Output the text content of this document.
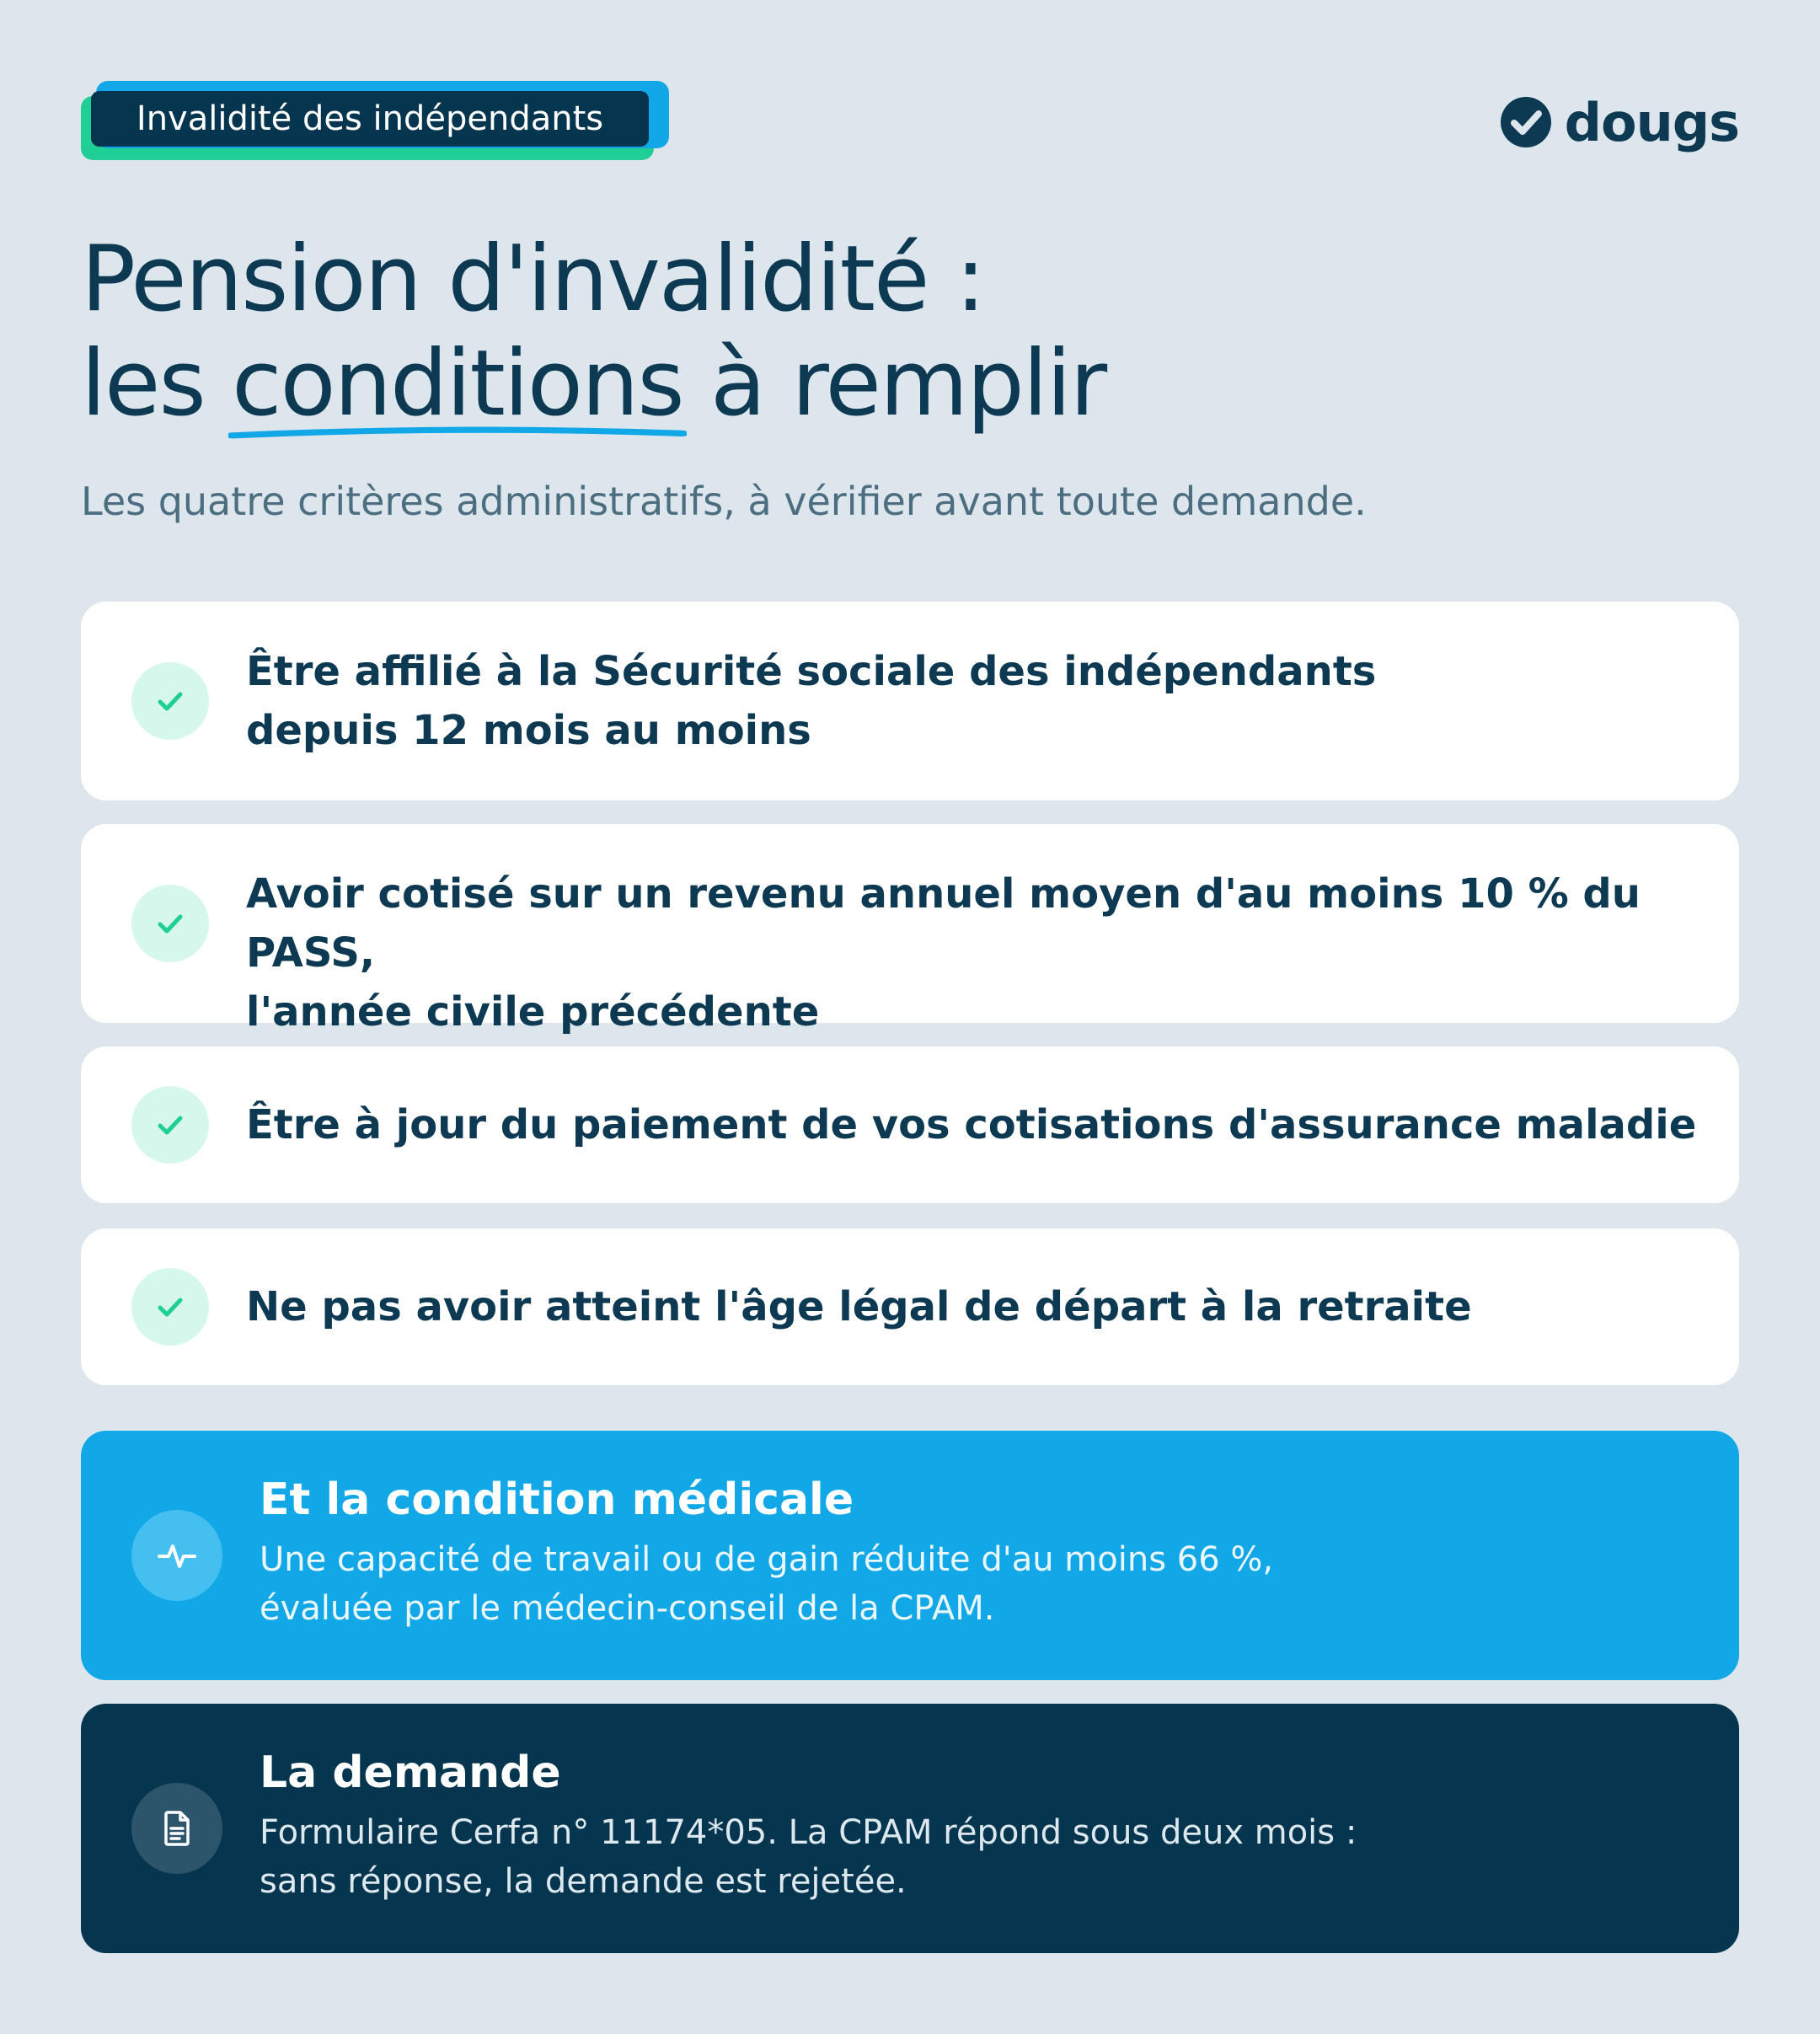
Invalidité des indépendants	dougs
Pension d'invalidité :
les conditions
à remplir

Les quatre critères administratifs, à vérifier avant toute demande.

Être affilié à la Sécurité sociale des indépendants
depuis 12 mois au moins
Avoir cotisé sur un revenu annuel moyen d'au moins 10 % du PASS,
l'année civile précédente
Être à jour du paiement de vos cotisations d'assurance maladie
Ne pas avoir atteint l'âge légal de départ à la retraite

Et la condition médicale

Une capacité de travail ou de gain réduite d'au moins 66 %,

évaluée par le médecin-conseil de la CPAM.

La demande

Formulaire Cerfa n° 11174*05. La CPAM répond sous deux mois :

sans réponse, la demande est rejetée.
